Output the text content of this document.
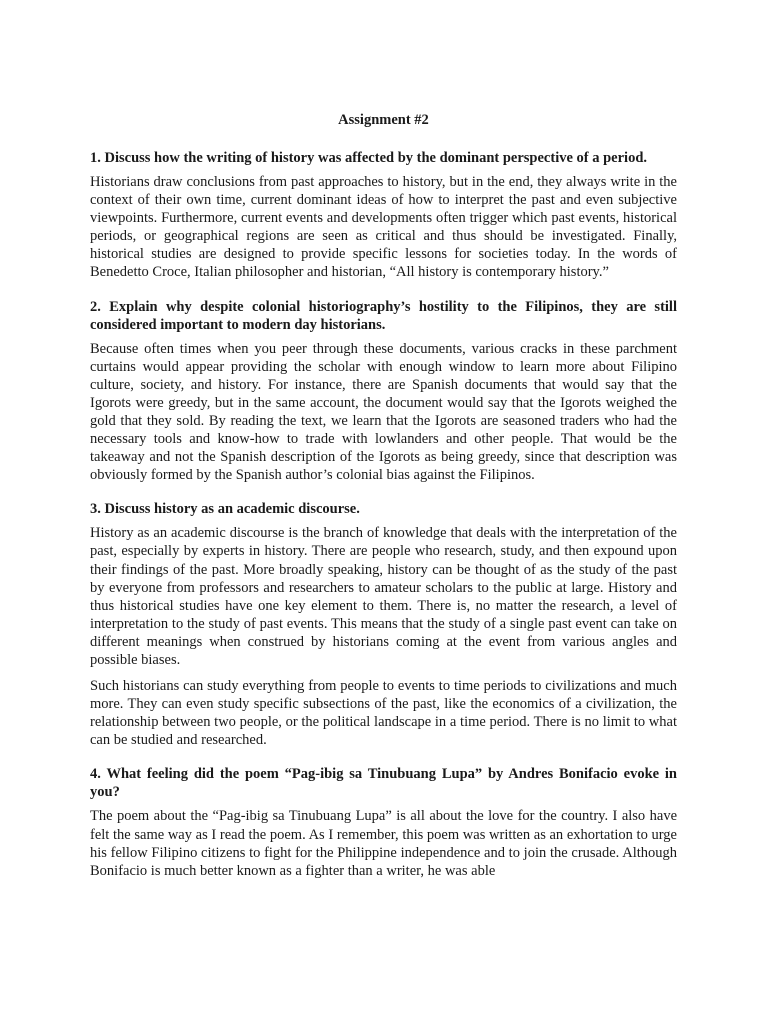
Assignment #2
1. Discuss how the writing of history was affected by the dominant perspective of a period.
Historians draw conclusions from past approaches to history, but in the end, they always write in the context of their own time, current dominant ideas of how to interpret the past and even subjective viewpoints. Furthermore, current events and developments often trigger which past events, historical periods, or geographical regions are seen as critical and thus should be investigated. Finally, historical studies are designed to provide specific lessons for societies today. In the words of Benedetto Croce, Italian philosopher and historian, “All history is contemporary history.”
2. Explain why despite colonial historiography’s hostility to the Filipinos, they are still considered important to modern day historians.
Because often times when you peer through these documents, various cracks in these parchment curtains would appear providing the scholar with enough window to learn more about Filipino culture, society, and history. For instance, there are Spanish documents that would say that the Igorots were greedy, but in the same account, the document would say that the Igorots weighed the gold that they sold. By reading the text, we learn that the Igorots are seasoned traders who had the necessary tools and know-how to trade with lowlanders and other people. That would be the takeaway and not the Spanish description of the Igorots as being greedy, since that description was obviously formed by the Spanish author’s colonial bias against the Filipinos.
3. Discuss history as an academic discourse.
History as an academic discourse is the branch of knowledge that deals with the interpretation of the past, especially by experts in history. There are people who research, study, and then expound upon their findings of the past. More broadly speaking, history can be thought of as the study of the past by everyone from professors and researchers to amateur scholars to the public at large. History and thus historical studies have one key element to them. There is, no matter the research, a level of interpretation to the study of past events. This means that the study of a single past event can take on different meanings when construed by historians coming at the event from various angles and possible biases.
Such historians can study everything from people to events to time periods to civilizations and much more. They can even study specific subsections of the past, like the economics of a civilization, the relationship between two people, or the political landscape in a time period. There is no limit to what can be studied and researched.
4. What feeling did the poem “Pag-ibig sa Tinubuang Lupa” by Andres Bonifacio evoke in you?
The poem about the “Pag-ibig sa Tinubuang Lupa” is all about the love for the country. I also have felt the same way as I read the poem. As I remember, this poem was written as an exhortation to urge his fellow Filipino citizens to fight for the Philippine independence and to join the crusade. Although Bonifacio is much better known as a fighter than a writer, he was able
